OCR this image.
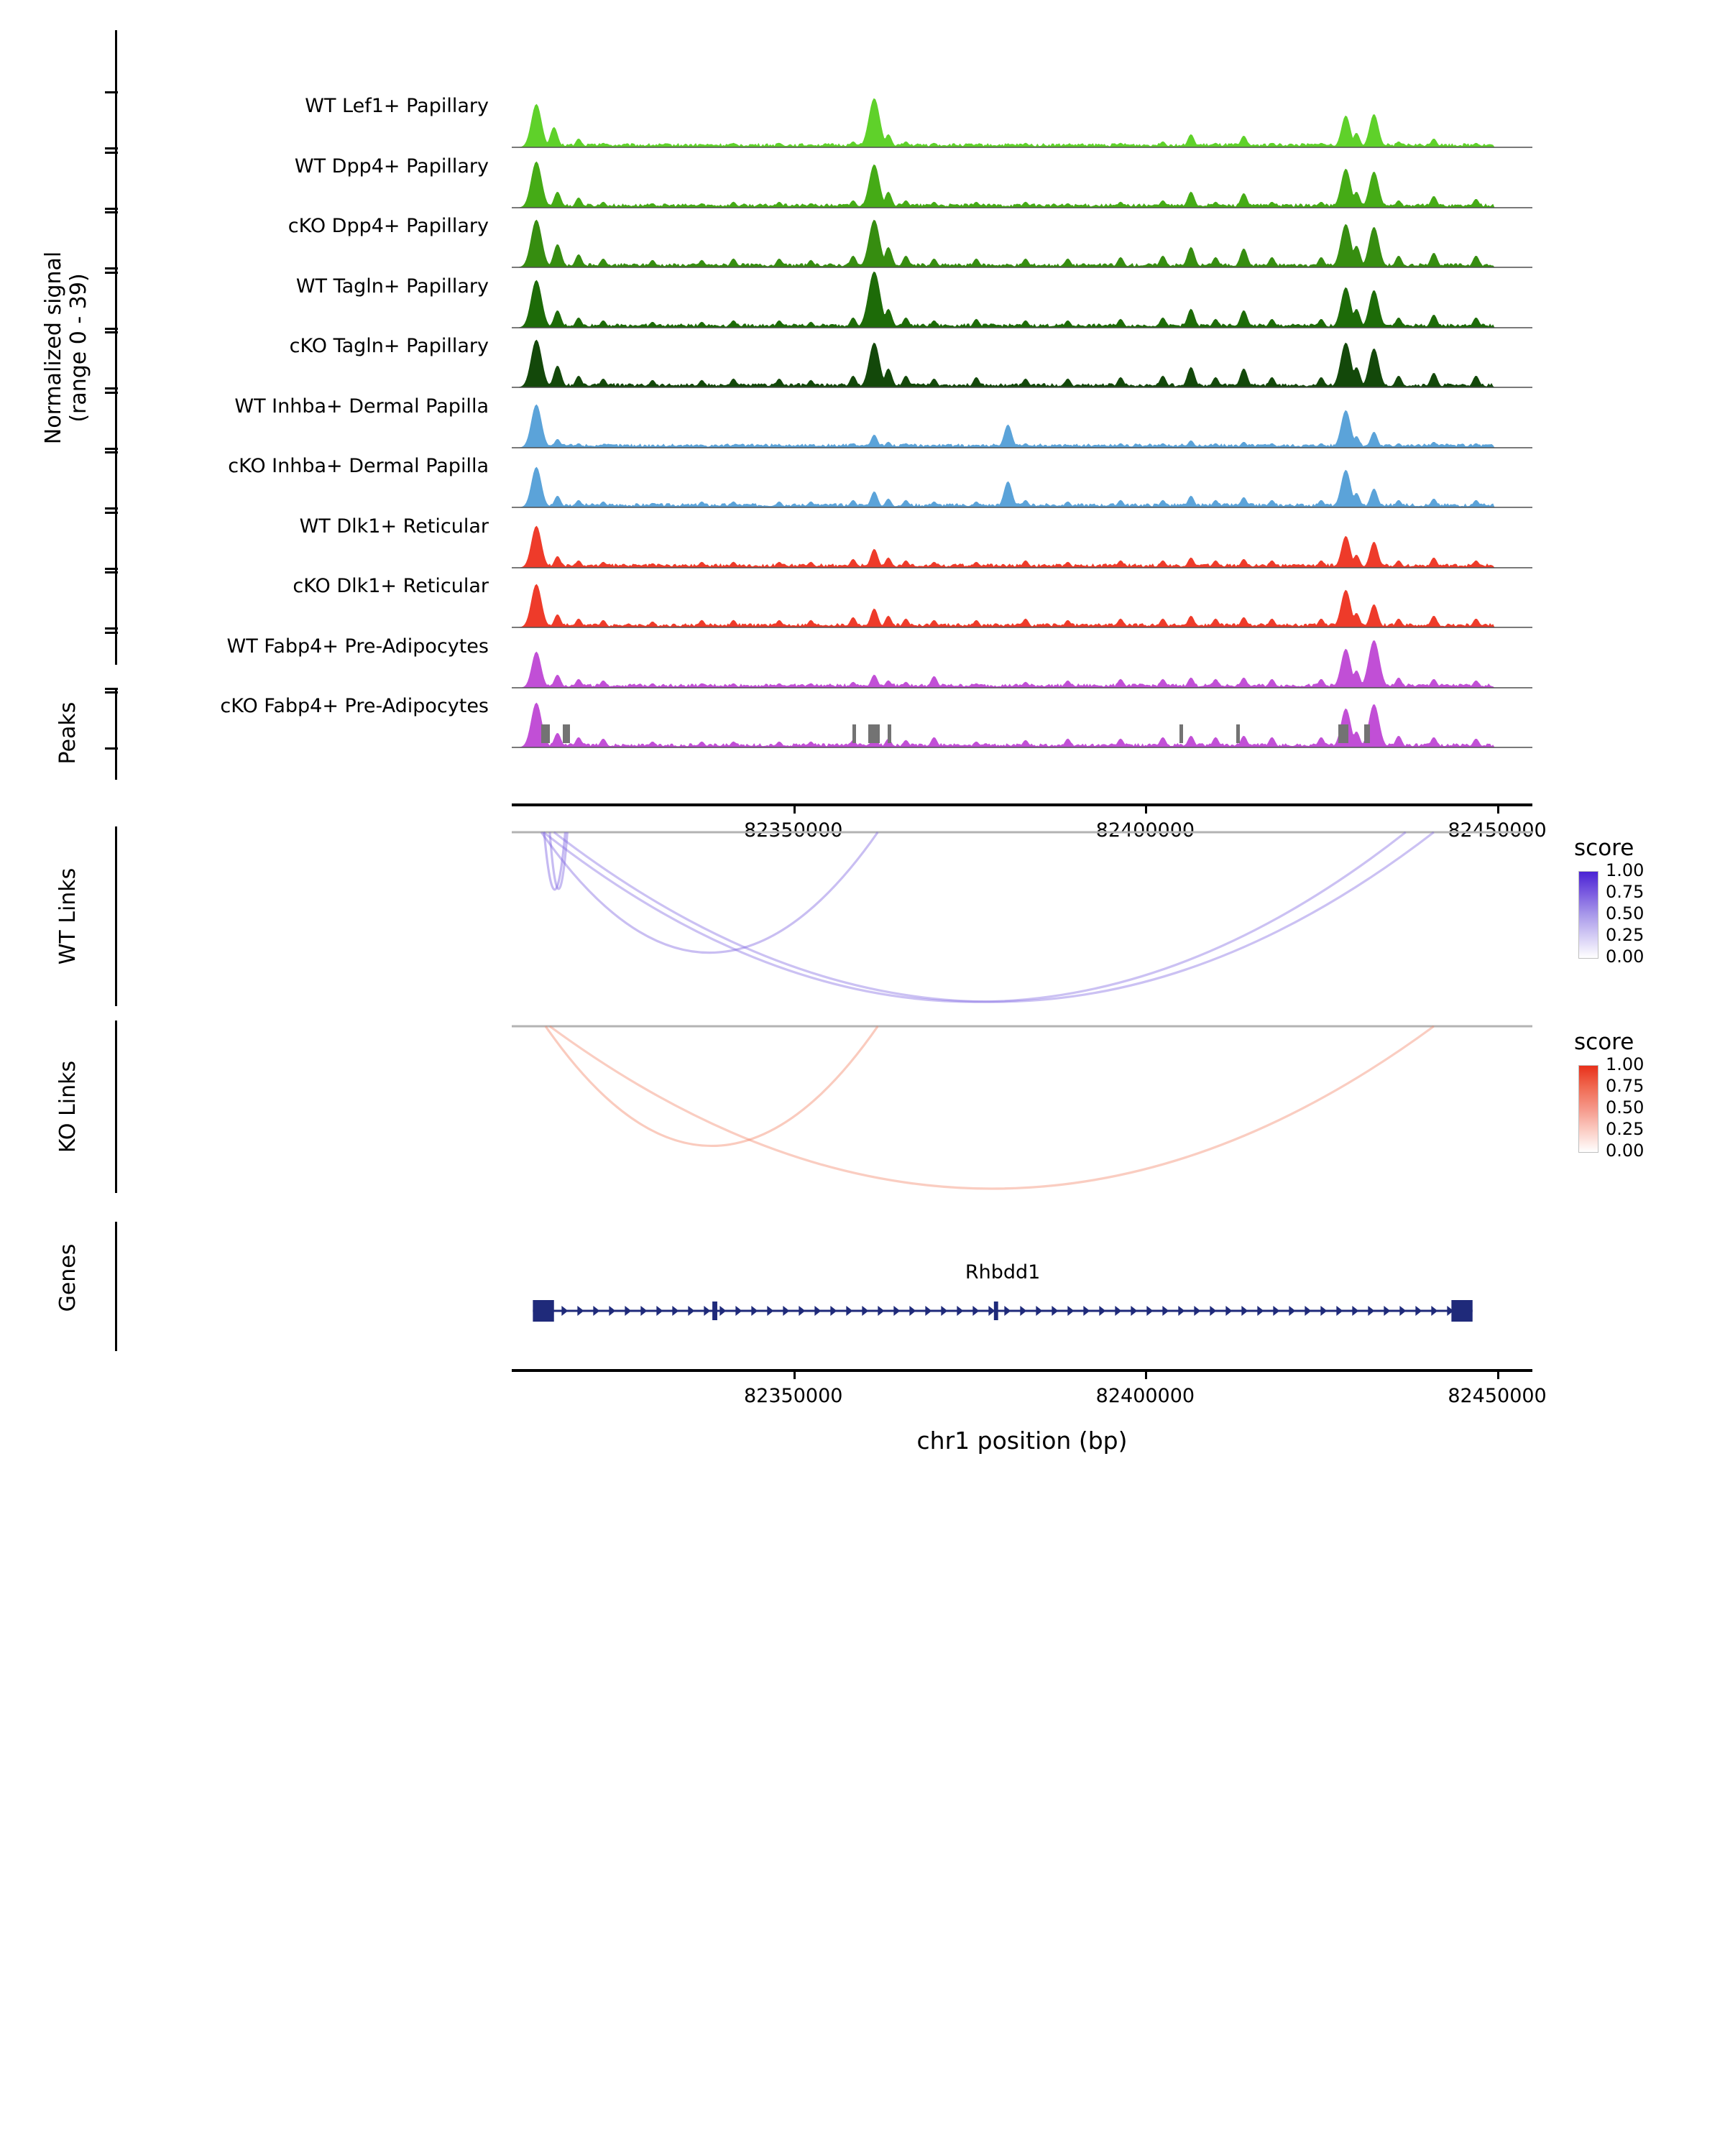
Normalized signal (range 0 - 39)
WT Lef1+ Papillary
WT Dpp4+ Papillary
cKO Dpp4+ Papillary
WT Tagln+ Papillary
cKO Tagln+ Papillary
WT Inhba+ Dermal Papilla
cKO Inhba+ Dermal Papilla
WT Dlk1+ Reticular
cKO Dlk1+ Reticular
WT Fabp4+ Pre-Adipocytes
cKO Fabp4+ Pre-Adipocytes
Peaks
82350000	82400000	82450000
WT Links
KO Links
score
1.00
0.75
0.50
0.25
0.00
score
1.00
0.75
0.50
0.25
0.00
Genes	Rhbdd1
82350000	82400000	82450000
chr1 position (bp)
